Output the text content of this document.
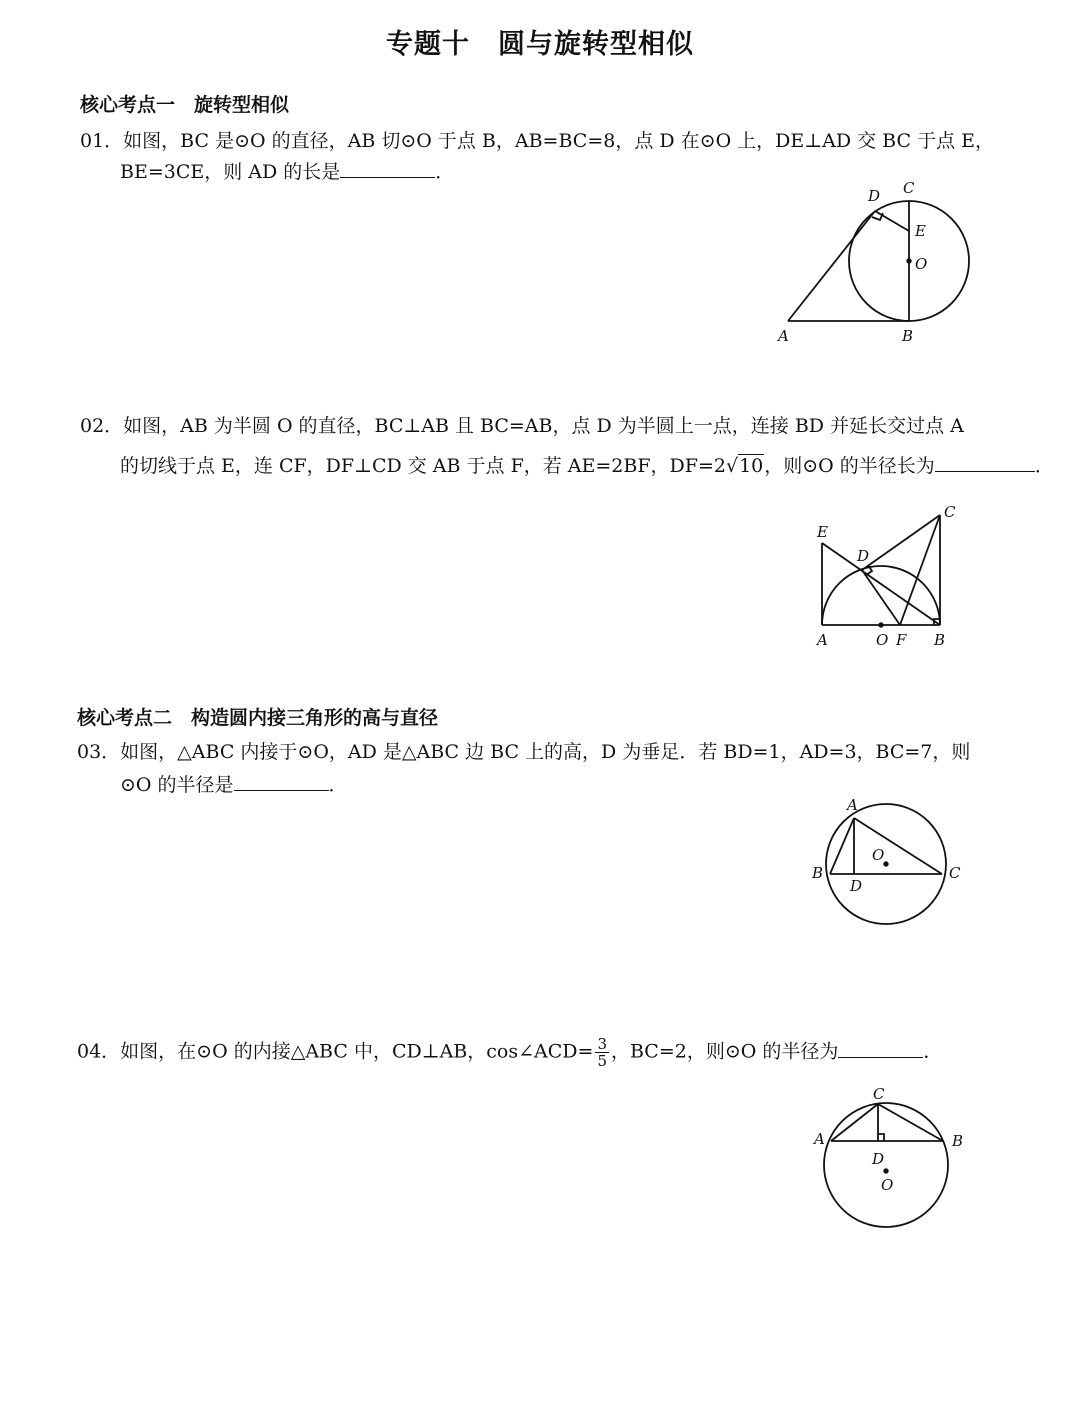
专题十　圆与旋转型相似
核心考点一　旋转型相似
01．如图，BC 是⊙O 的直径，AB 切⊙O 于点 B，AB=BC=8，点 D 在⊙O 上，DE⊥AD 交 BC 于点 E，
BE=3CE，则 AD 的长是	．
A	B
C
D
E
O
02．如图，AB 为半圆 O 的直径，BC⊥AB 且 BC=AB，点 D 为半圆上一点，连接 BD 并延长交过点 A
的切线于点 E，连 CF，DF⊥CD 交 AB 于点 F，若 AE=2BF，DF=2√10，则⊙O 的半径长为	．
A	O F B
C
E
D
核心考点二　构造圆内接三角形的高与直径
03．如图，△ABC 内接于⊙O，AD 是△ABC 边 BC 上的高，D 为垂足．若 BD=1，AD=3，BC=7，则
⊙O 的半径是	．
A
B	C
D
O
04．如图，在⊙O 的内接△ABC 中，CD⊥AB，cos∠ACD= $\frac{3}{5}$ ，BC=2，则⊙O 的半径为	．
C
A	B
D
O
